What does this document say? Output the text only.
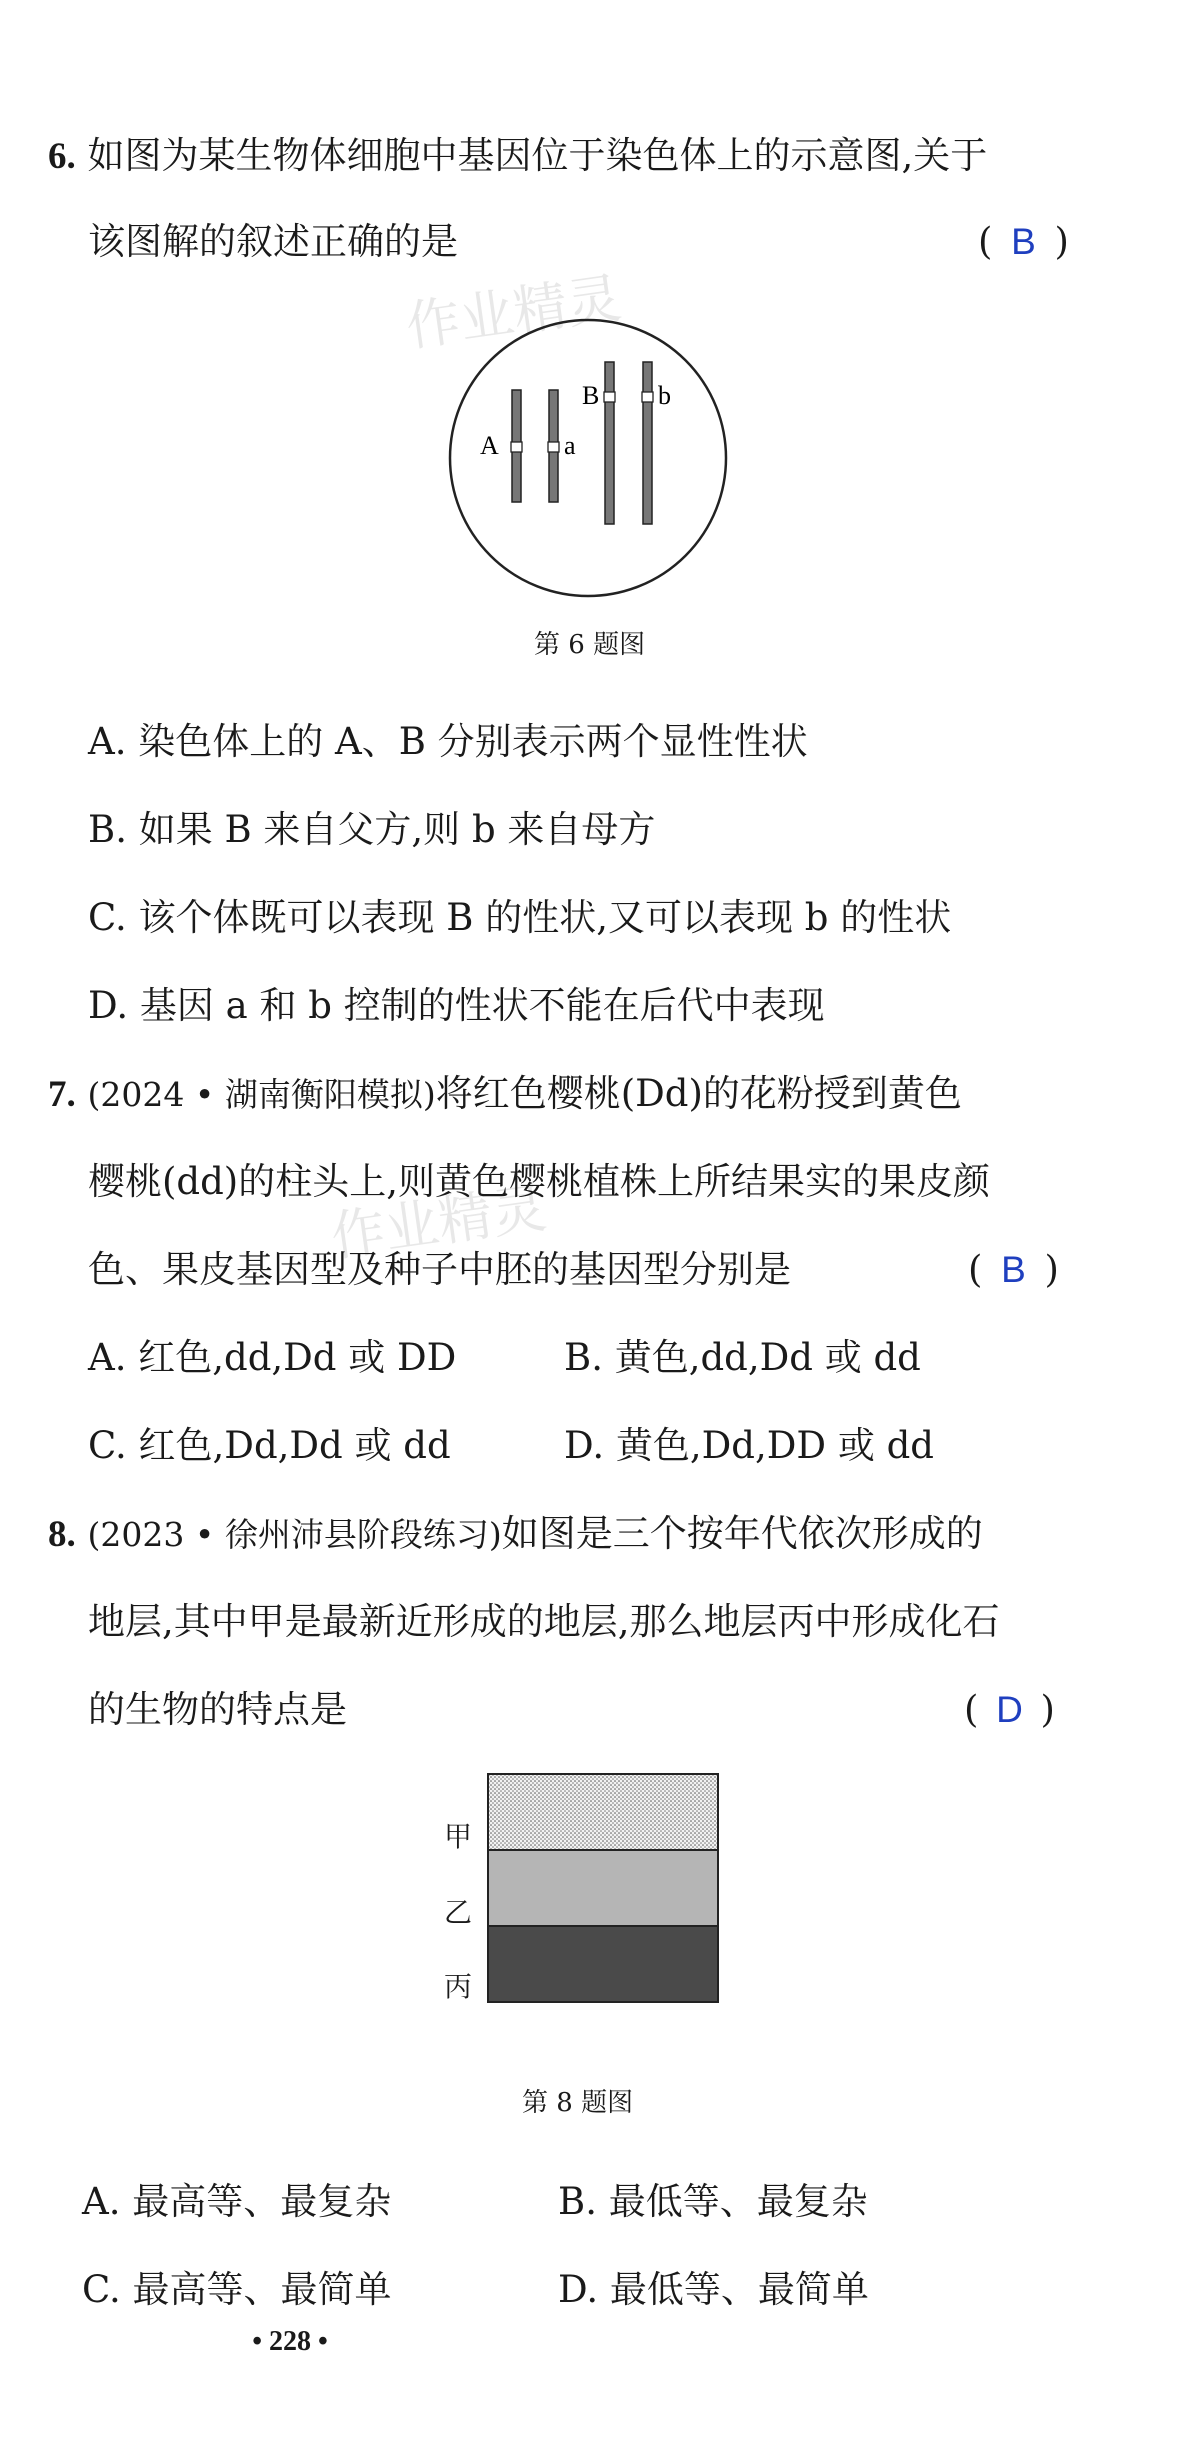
作业精灵
作业精灵
6. 如图为某生物体细胞中基因位于染色体上的示意图,关于
该图解的叙述正确的是	( B )
A	a
B b
第 6 题图
A. 染色体上的 A、B 分别表示两个显性性状
B. 如果 B 来自父方,则 b 来自母方
C. 该个体既可以表现 B 的性状,又可以表现 b 的性状
D. 基因 a 和 b 控制的性状不能在后代中表现
7. (2024 • 湖南衡阳模拟)将红色樱桃(Dd)的花粉授到黄色
樱桃(dd)的柱头上,则黄色樱桃植株上所结果实的果皮颜
色、果皮基因型及种子中胚的基因型分别是	( B )
A. 红色,dd,Dd 或 DD	B. 黄色,dd,Dd 或 dd
C. 红色,Dd,Dd 或 dd	D. 黄色,Dd,DD 或 dd
8. (2023 • 徐州沛县阶段练习)如图是三个按年代依次形成的
地层,其中甲是最新近形成的地层,那么地层丙中形成化石
的生物的特点是	( D )
甲
乙
丙
第 8 题图
A. 最高等、最复杂	B. 最低等、最复杂
C. 最高等、最简单	D. 最低等、最简单
• 228 •
